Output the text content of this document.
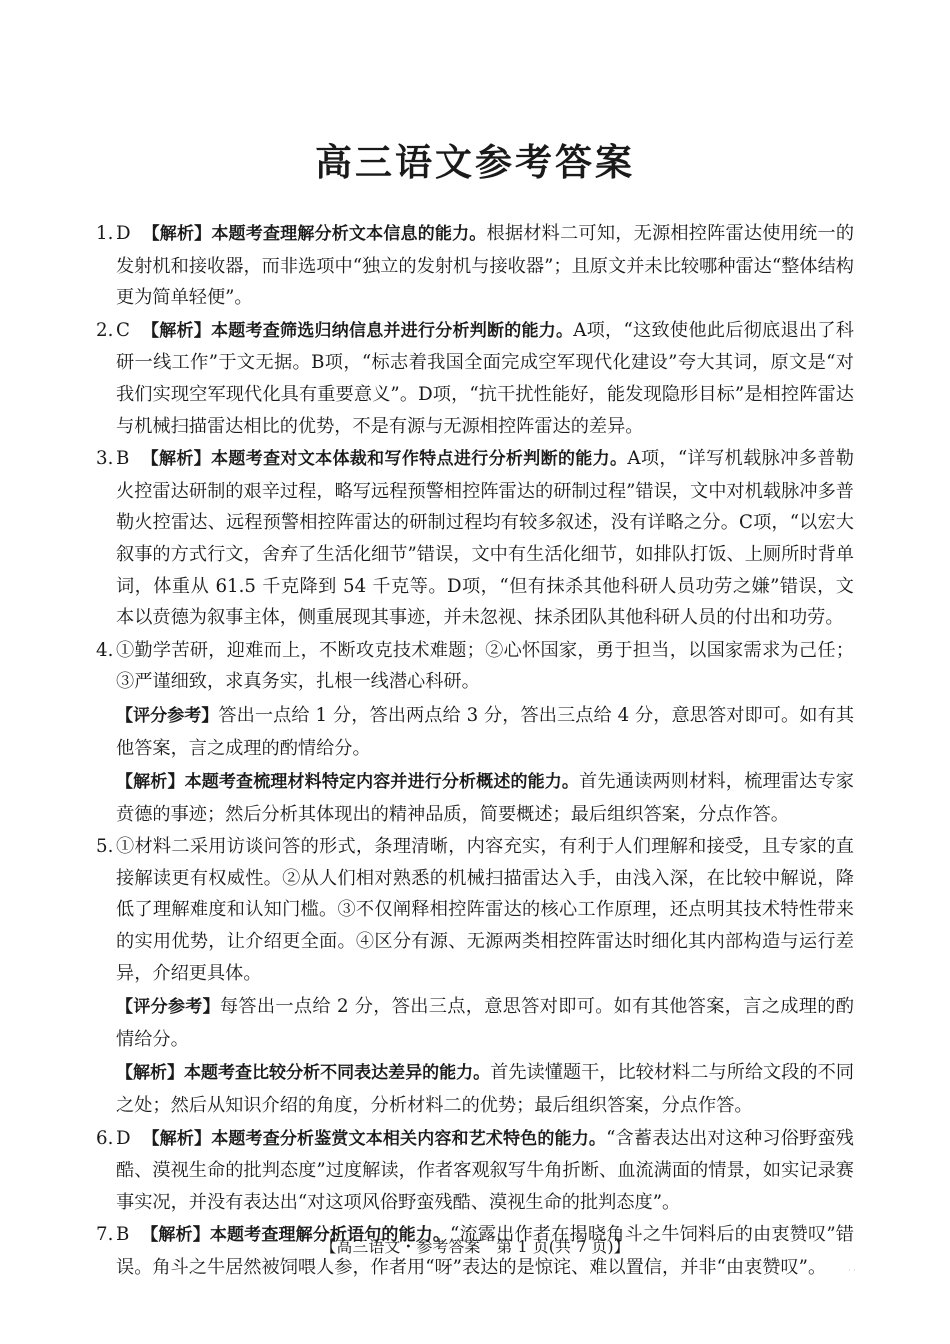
高三语文参考答案
1. D 【解析】本题考查理解分析文本信息的能力。根据材料二可知，无源相控阵雷达使用统一的发射机和接收器，而非选项中“独立的发射机与接收器”；且原文并未比较哪种雷达“整体结构更为简单轻便”。
2. C 【解析】本题考查筛选归纳信息并进行分析判断的能力。A项，“这致使他此后彻底退出了科研一线工作”于文无据。B项，“标志着我国全面完成空军现代化建设”夸大其词，原文是“对我们实现空军现代化具有重要意义”。D项，“抗干扰性能好，能发现隐形目标”是相控阵雷达与机械扫描雷达相比的优势，不是有源与无源相控阵雷达的差异。
3. B 【解析】本题考查对文本体裁和写作特点进行分析判断的能力。A项，“详写机载脉冲多普勒火控雷达研制的艰辛过程，略写远程预警相控阵雷达的研制过程”错误，文中对机载脉冲多普勒火控雷达、远程预警相控阵雷达的研制过程均有较多叙述，没有详略之分。C项，“以宏大叙事的方式行文，舍弃了生活化细节”错误，文中有生活化细节，如排队打饭、上厕所时背单词，体重从 61.5 千克降到 54 千克等。D项，“但有抹杀其他科研人员功劳之嫌”错误，文本以贲德为叙事主体，侧重展现其事迹，并未忽视、抹杀团队其他科研人员的付出和功劳。
4. ①勤学苦研，迎难而上，不断攻克技术难题；②心怀国家，勇于担当，以国家需求为己任；③严谨细致，求真务实，扎根一线潜心科研。
【评分参考】答出一点给 1 分，答出两点给 3 分，答出三点给 4 分，意思答对即可。如有其他答案，言之成理的酌情给分。
【解析】本题考查梳理材料特定内容并进行分析概述的能力。首先通读两则材料，梳理雷达专家贲德的事迹；然后分析其体现出的精神品质，简要概述；最后组织答案，分点作答。
5. ①材料二采用访谈问答的形式，条理清晰，内容充实，有利于人们理解和接受，且专家的直接解读更有权威性。②从人们相对熟悉的机械扫描雷达入手，由浅入深，在比较中解说，降低了理解难度和认知门槛。③不仅阐释相控阵雷达的核心工作原理，还点明其技术特性带来的实用优势，让介绍更全面。④区分有源、无源两类相控阵雷达时细化其内部构造与运行差异，介绍更具体。
【评分参考】每答出一点给 2 分，答出三点，意思答对即可。如有其他答案，言之成理的酌情给分。
【解析】本题考查比较分析不同表达差异的能力。首先读懂题干，比较材料二与所给文段的不同之处；然后从知识介绍的角度，分析材料二的优势；最后组织答案，分点作答。
6. D 【解析】本题考查分析鉴赏文本相关内容和艺术特色的能力。“含蓄表达出对这种习俗野蛮残酷、漠视生命的批判态度”过度解读，作者客观叙写牛角折断、血流满面的情景，如实记录赛事实况，并没有表达出“对这项风俗野蛮残酷、漠视生命的批判态度”。
7. B 【解析】本题考查理解分析语句的能力。“流露出作者在揭晓角斗之牛饲料后的由衷赞叹”错误。角斗之牛居然被饲喂人参，作者用“呀”表达的是惊诧、难以置信，并非“由衷赞叹”。
【高三语文・参考答案　第 1 页(共 7 页)】
· ·
